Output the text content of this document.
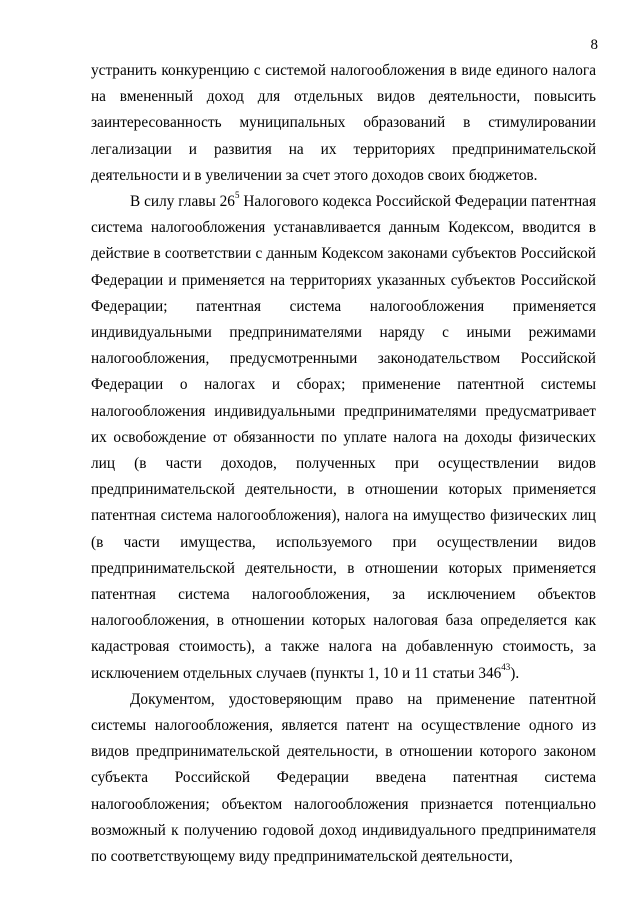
8

устранить конкуренцию с системой налогообложения в виде единого налога на вмененный доход для отдельных видов деятельности, повысить заинтересованность муниципальных образований в стимулировании легализации и развития на их территориях предпринимательской деятельности и в увеличении за счет этого доходов своих бюджетов.

В силу главы $26^5$ Налогового кодекса Российской Федерации патентная система налогообложения устанавливается данным Кодексом, вводится в действие в соответствии с данным Кодексом законами субъектов Российской Федерации и применяется на территориях указанных субъектов Российской Федерации; патентная система налогообложения применяется индивидуальными предпринимателями наряду с иными режимами налогообложения, предусмотренными законодательством Российской Федерации о налогах и сборах; применение патентной системы налогообложения индивидуальными предпринимателями предусматривает их освобождение от обязанности по уплате налога на доходы физических лиц (в части доходов, полученных при осуществлении видов предпринимательской деятельности, в отношении которых применяется патентная система налогообложения), налога на имущество физических лиц (в части имущества, используемого при осуществлении видов предпринимательской деятельности, в отношении которых применяется патентная система налогообложения, за исключением объектов налогообложения, в отношении которых налоговая база определяется как кадастровая стоимость), а также налога на добавленную стоимость, за исключением отдельных случаев (пункты 1, 10 и 11 статьи $346^{43}$).

Документом, удостоверяющим право на применение патентной системы налогообложения, является патент на осуществление одного из видов предпринимательской деятельности, в отношении которого законом субъекта Российской Федерации введена патентная система налогообложения; объектом налогообложения признается потенциально возможный к получению годовой доход индивидуального предпринимателя по соответствующему виду предпринимательской деятельности,
